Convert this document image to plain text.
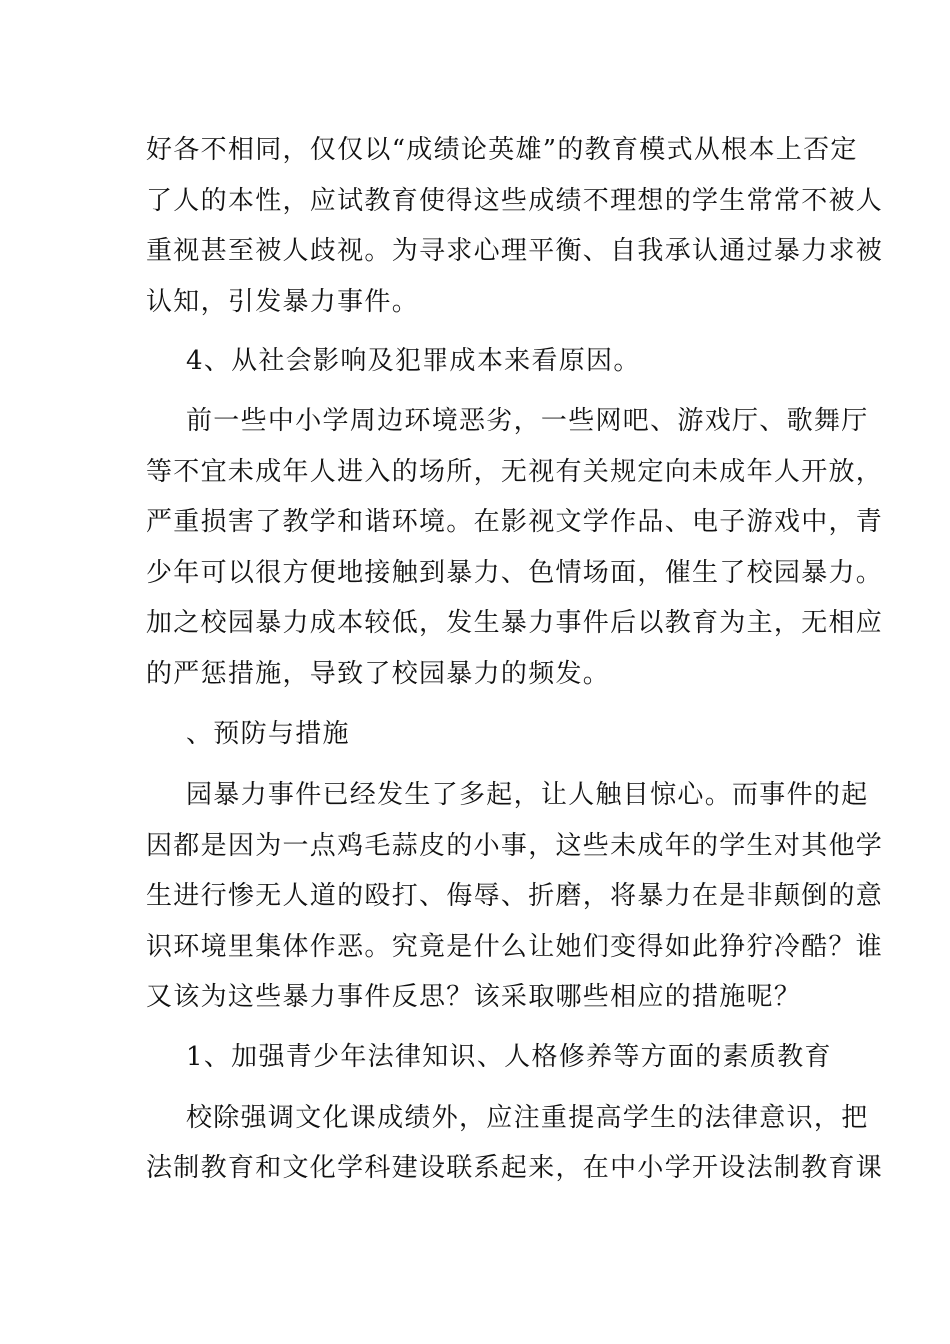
好各不相同，仅仅以“成绩论英雄”的教育模式从根本上否定
了人的本性，应试教育使得这些成绩不理想的学生常常不被人
重视甚至被人歧视。为寻求心理平衡、自我承认通过暴力求被
认知，引发暴力事件。
4、从社会影响及犯罪成本来看原因。
前一些中小学周边环境恶劣，一些网吧、游戏厅、歌舞厅
等不宜未成年人进入的场所，无视有关规定向未成年人开放，
严重损害了教学和谐环境。在影视文学作品、电子游戏中，青
少年可以很方便地接触到暴力、色情场面，催生了校园暴力。
加之校园暴力成本较低，发生暴力事件后以教育为主，无相应
的严惩措施，导致了校园暴力的频发。
、预防与措施
园暴力事件已经发生了多起，让人触目惊心。而事件的起
因都是因为一点鸡毛蒜皮的小事，这些未成年的学生对其他学
生进行惨无人道的殴打、侮辱、折磨，将暴力在是非颠倒的意
识环境里集体作恶。究竟是什么让她们变得如此狰狞冷酷？谁
又该为这些暴力事件反思？该采取哪些相应的措施呢？
1、加强青少年法律知识、人格修养等方面的素质教育
校除强调文化课成绩外，应注重提高学生的法律意识，把
法制教育和文化学科建设联系起来，在中小学开设法制教育课
